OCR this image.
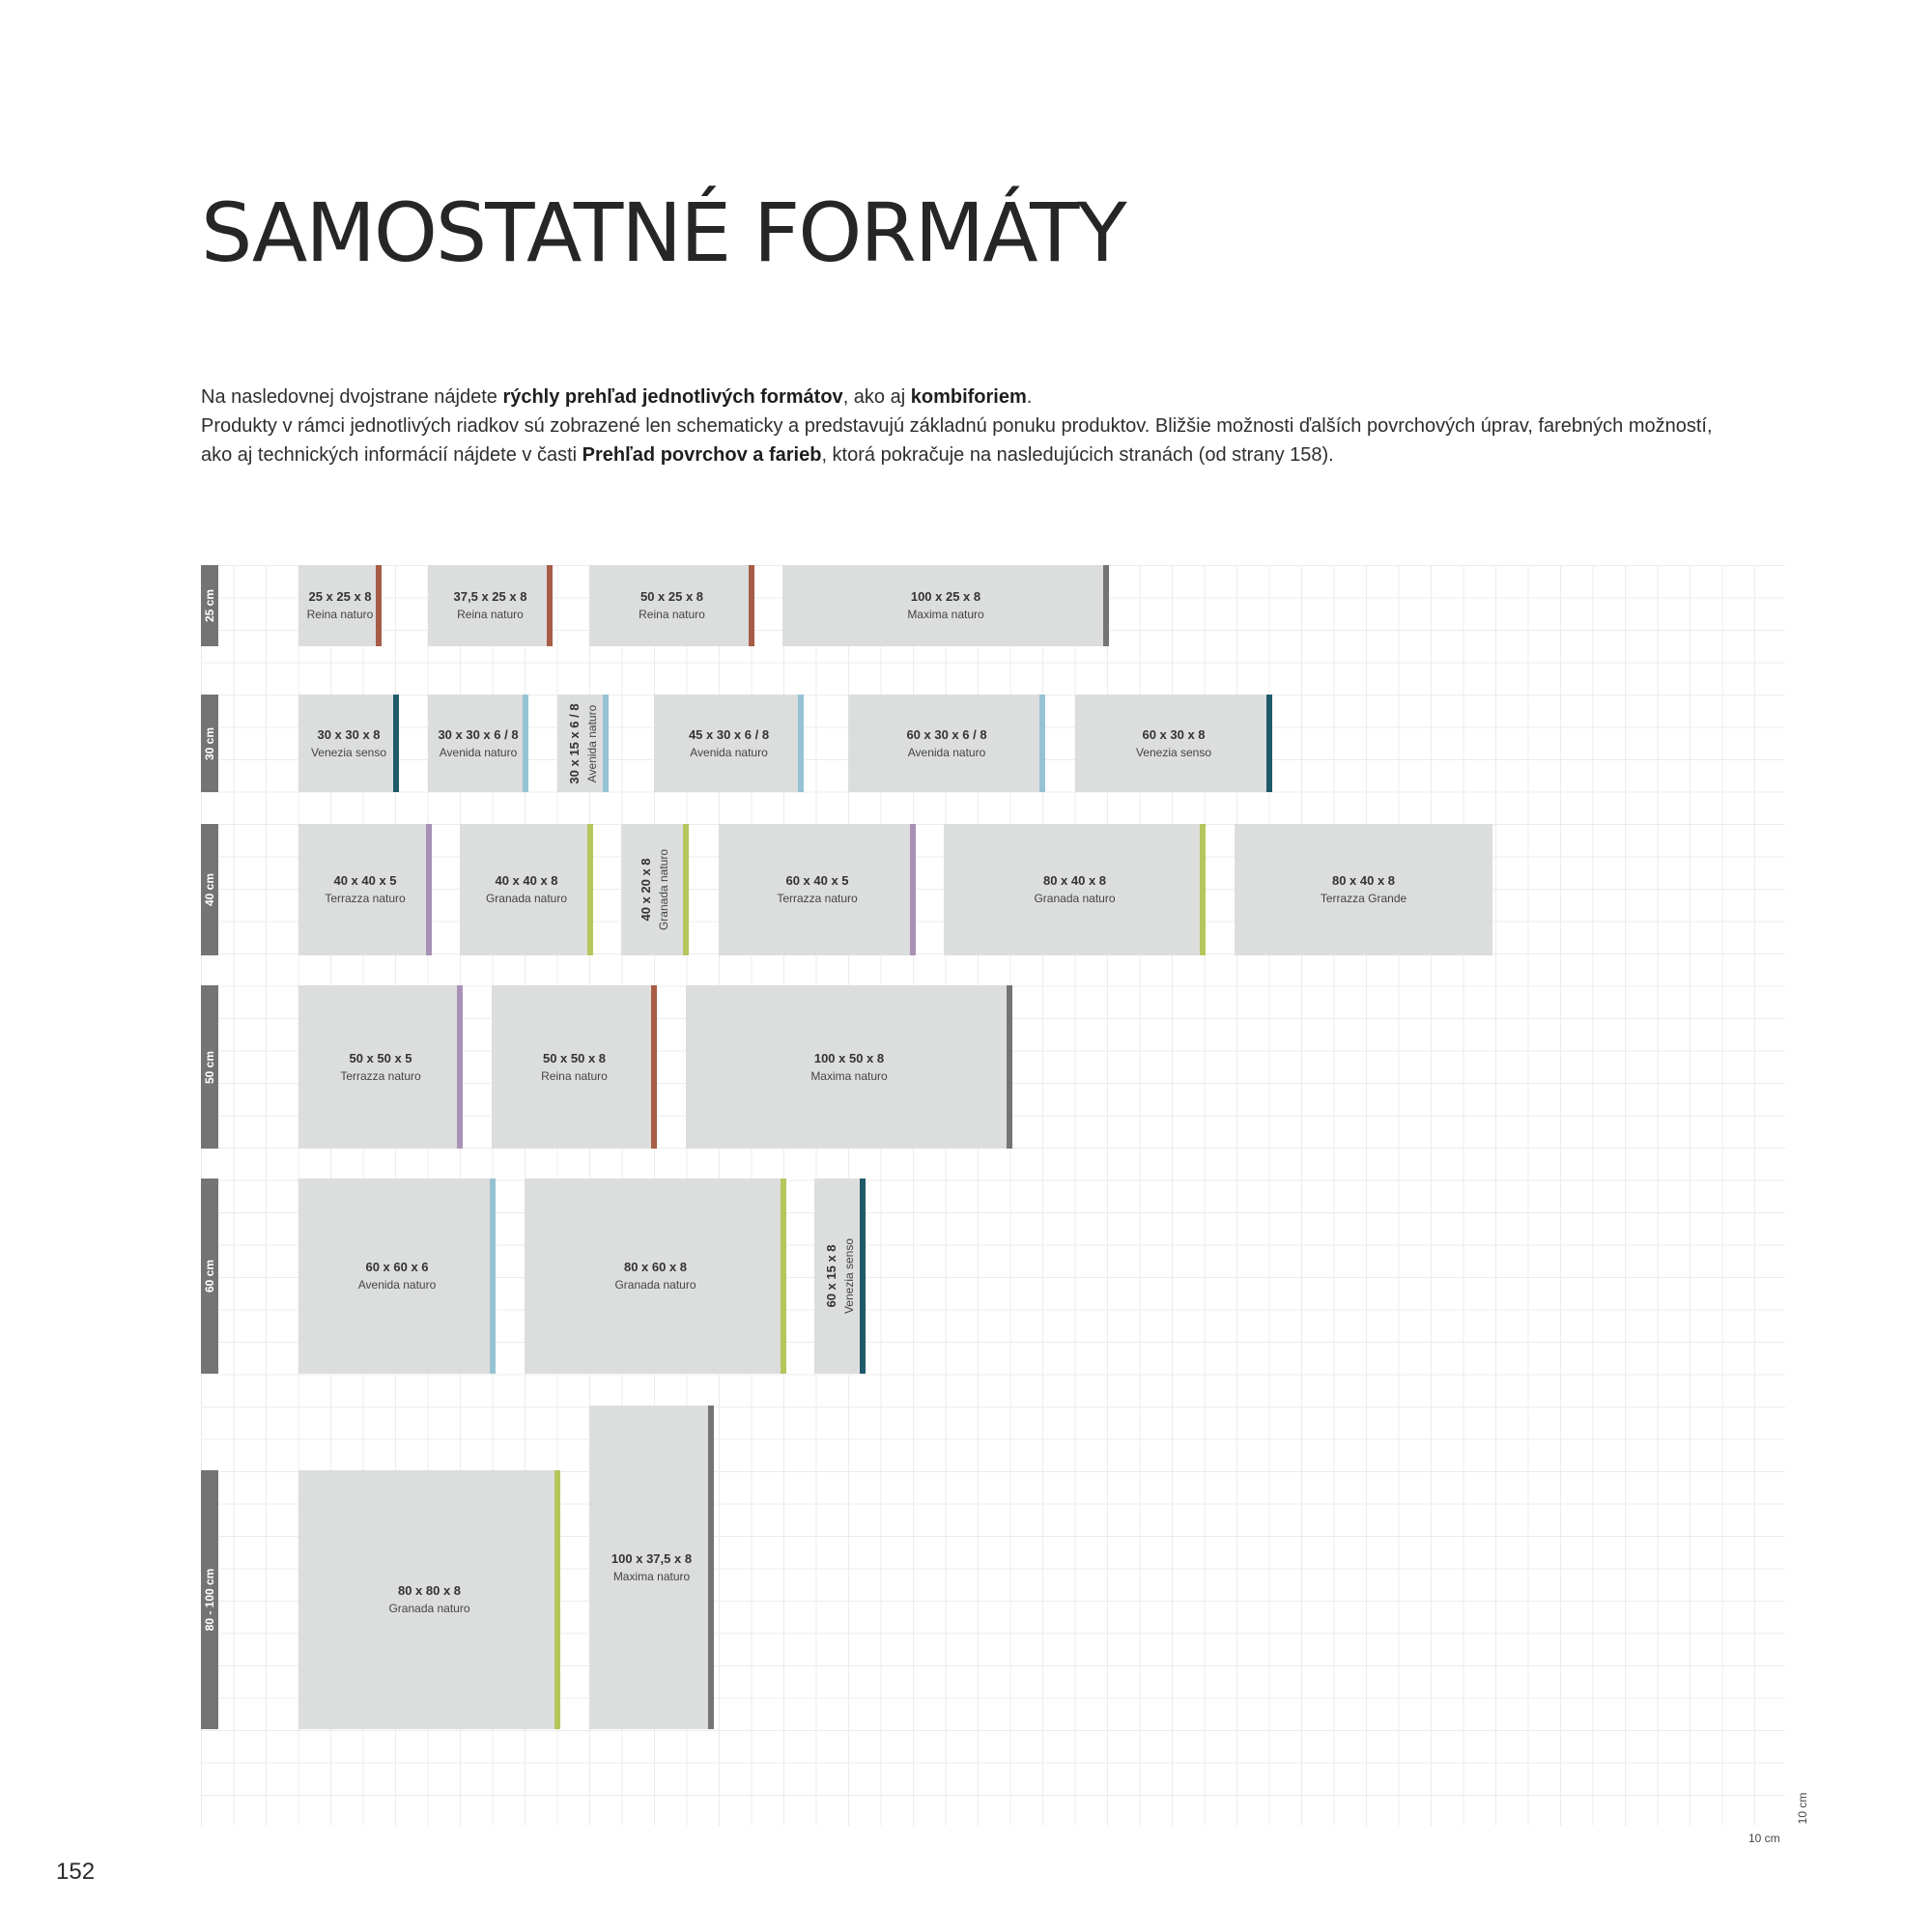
SAMOSTATNÉ FORMÁTY

Na nasledovnej dvojstrane nájdete rýchly prehľad jednotlivých formátov, ako aj kombiforiem.

Produkty v rámci jednotlivých riadkov sú zobrazené len schematicky a predstavujú základnú ponuku produktov. Bližšie možnosti ďalších povrchových úprav, farebných možností,

ako aj technických informácií nájdete v časti Prehľad povrchov a farieb, ktorá pokračuje na nasledujúcich stranách (od strany 158).

25 cm	25 x 25 x 8
Reina naturo
37,5 x 25 x 8
Reina naturo
50 x 25 x 8
Reina naturo
100 x 25 x 8
Maxima naturo
30 cm	30 x 30 x 8
Venezia senso
30 x 30 x 6 / 8
Avenida naturo	30 x 15 x 6 / 8 Avenida naturo	45 x 30 x 6 / 8
Avenida naturo
60 x 30 x 6 / 8
Avenida naturo
60 x 30 x 8
Venezia senso
40 cm	40 x 40 x 5
Terrazza naturo
40 x 40 x 8
Granada naturo	40 x 20 x 8 Granada naturo	60 x 40 x 5
Terrazza naturo
80 x 40 x 8
Granada naturo
80 x 40 x 8
Terrazza Grande
50 cm	50 x 50 x 5
Terrazza naturo
50 x 50 x 8
Reina naturo
100 x 50 x 8
Maxima naturo
60 cm	60 x 60 x 6
Avenida naturo
80 x 60 x 8
Granada naturo	60 x 15 x 8 Venezia senso
80 - 100 cm	80 x 80 x 8
Granada naturo
100 x 37,5 x 8
Maxima naturo
10 cm
10 cm
152
